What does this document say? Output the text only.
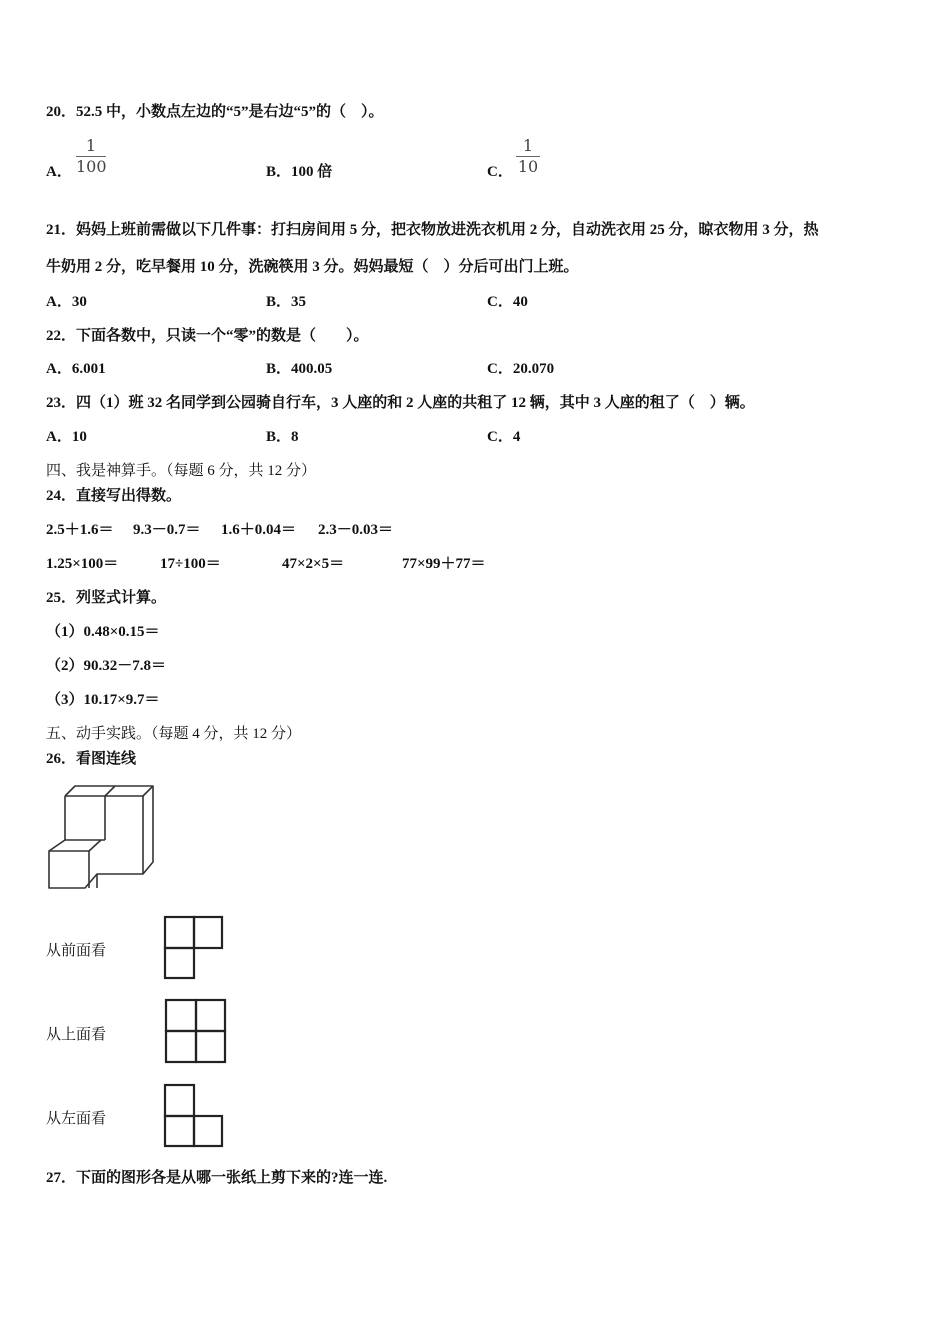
20．52.5 中，小数点左边的“5”是右边“5”的（　）。
A．
1
100	B．100 倍	C．
1
10
21．妈妈上班前需做以下几件事：打扫房间用 5 分，把衣物放进洗衣机用 2 分，自动洗衣用 25 分，晾衣物用 3 分，热
牛奶用 2 分，吃早餐用 10 分，洗碗筷用 3 分。妈妈最短（　）分后可出门上班。
A．30	B．35	C．40
22．下面各数中，只读一个“零”的数是（　　）。
A．6.001	B．400.05	C．20.070
23．四（1）班 32 名同学到公园骑自行车，3 人座的和 2 人座的共租了 12 辆，其中 3 人座的租了（　）辆。
A．10	B．8	C．4
四、我是神算手。（每题 6 分，共 12 分）
24．直接写出得数。
2.5＋1.6＝ 9.3－0.7＝ 1.6＋0.04＝ 2.3－0.03＝
1.25×100＝	17÷100＝	47×2×5＝	77×99＋77＝
25．列竖式计算。
（1）0.48×0.15＝
（2）90.32－7.8＝
（3）10.17×9.7＝
五、动手实践。（每题 4 分，共 12 分）
26．看图连线
从前面看
从上面看
从左面看
27．下面的图形各是从哪一张纸上剪下来的?连一连.
